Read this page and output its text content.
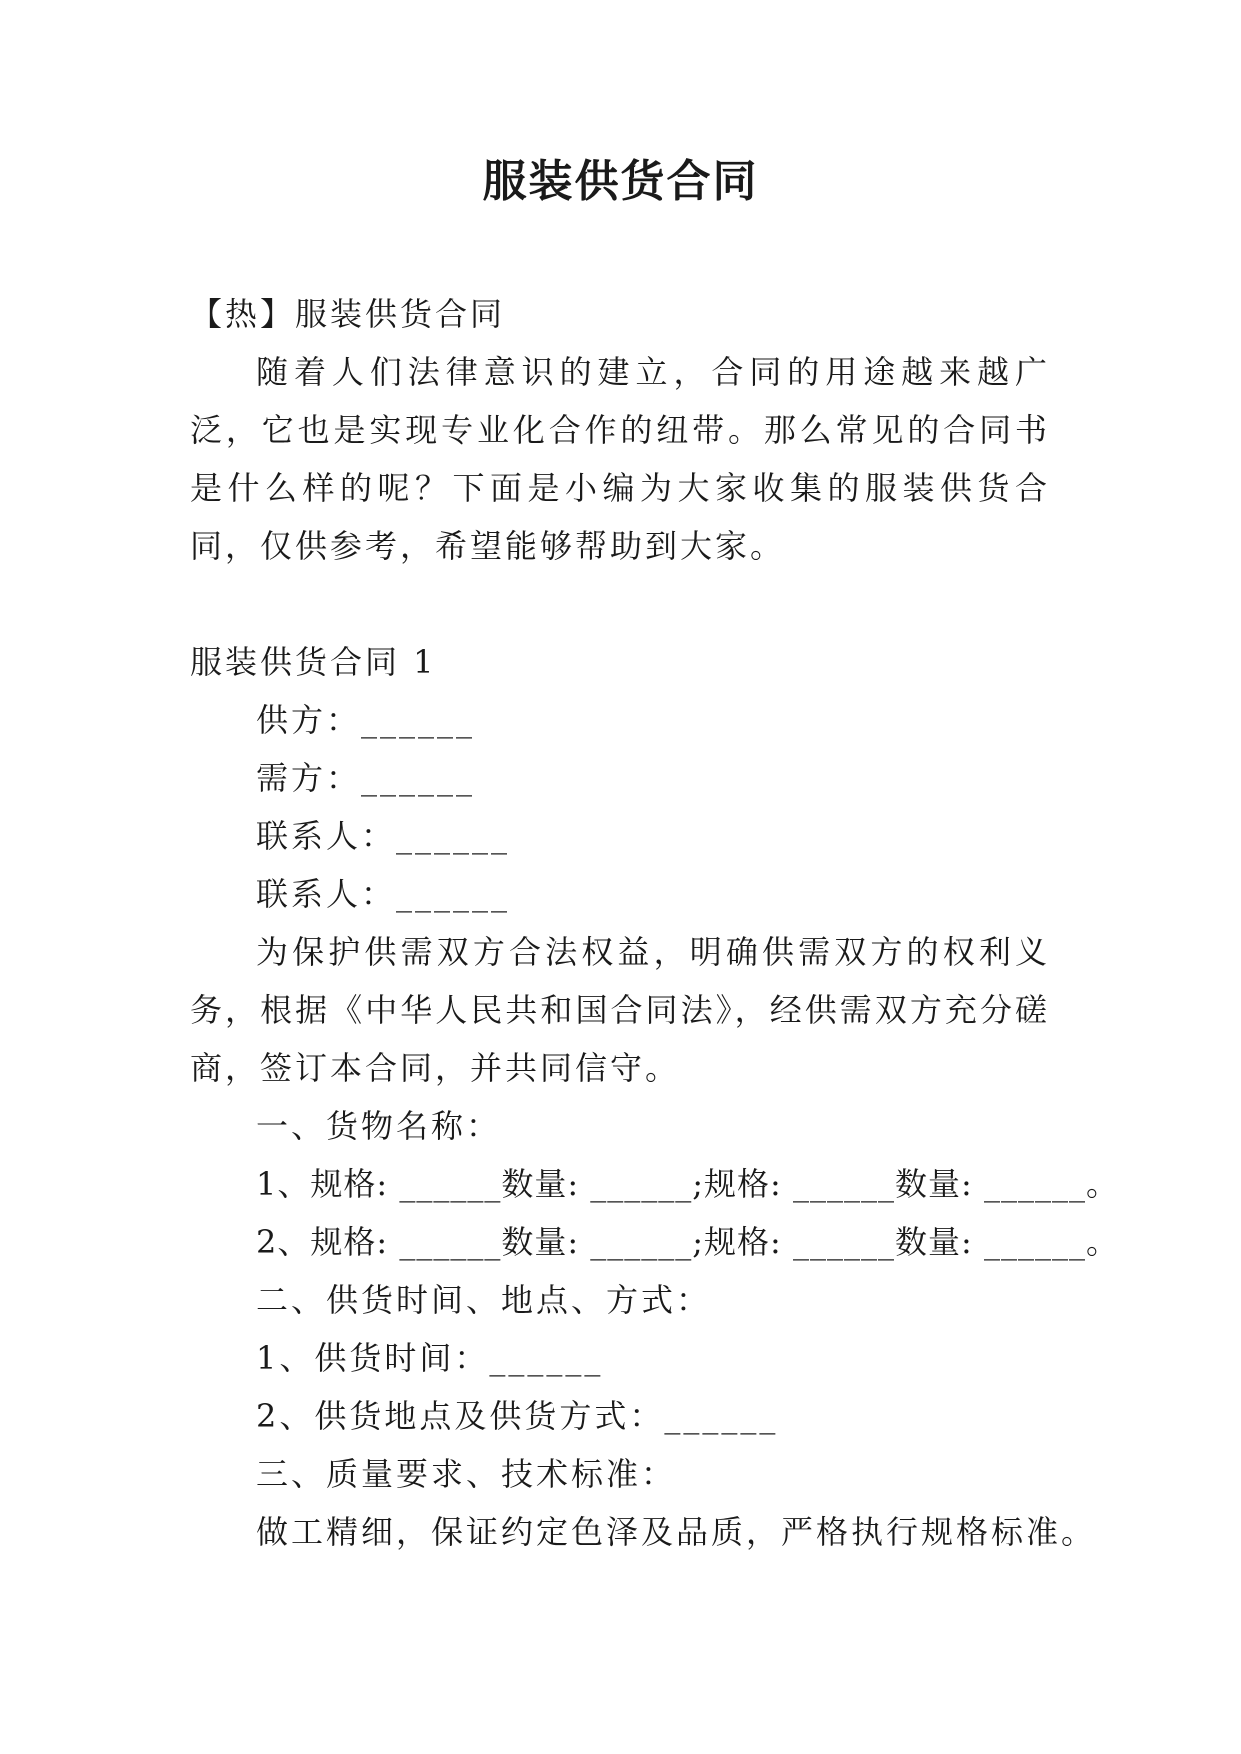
服装供货合同
【热】服装供货合同
随着人们法律意识的建立，合同的用途越来越广泛，它也是实现专业化合作的纽带。那么常见的合同书是什么样的呢？下面是小编为大家收集的服装供货合同，仅供参考，希望能够帮助到大家。
服装供货合同 1
供方：______
需方：______
联系人：______
联系人：______
为保护供需双方合法权益，明确供需双方的权利义务，根据《中华人民共和国合同法》，经供需双方充分磋商，签订本合同，并共同信守。
一、货物名称：
1、规格: ______数量: ______;规格: ______数量: ______。
2、规格: ______数量: ______;规格: ______数量: ______。
二、供货时间、地点、方式：
1、供货时间：______
2、供货地点及供货方式：______
三、质量要求、技术标准：
做工精细，保证约定色泽及品质，严格执行规格标准。
